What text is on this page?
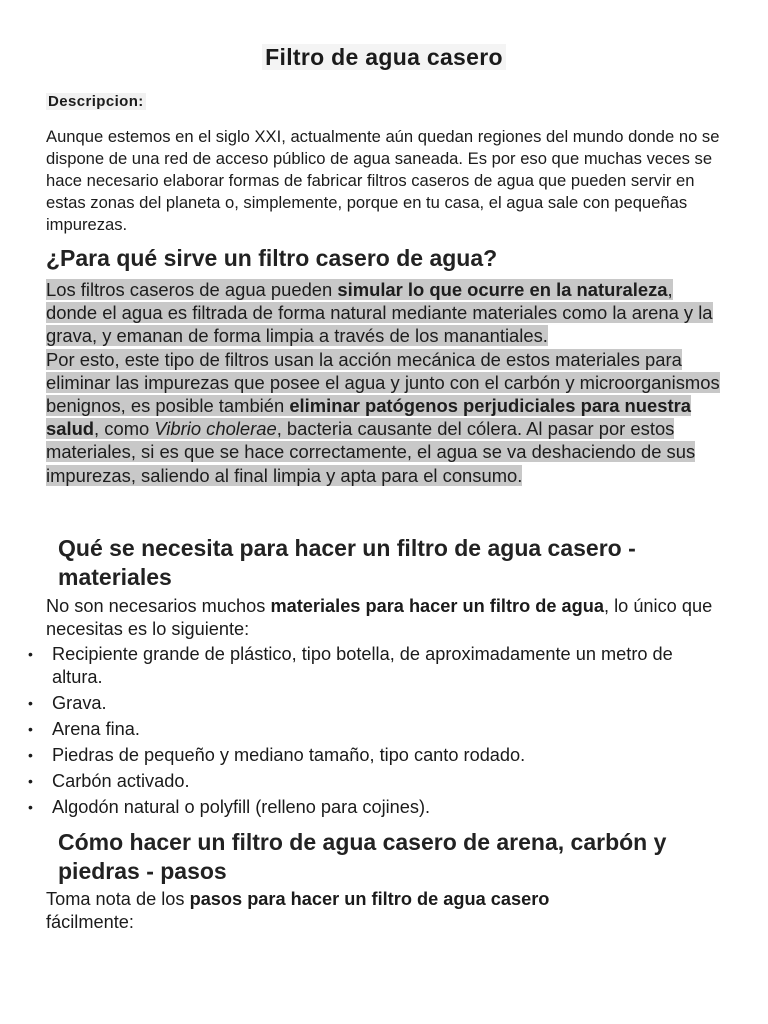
Filtro de agua casero
Descripcion:

Aunque estemos en el siglo XXI, actualmente aún quedan regiones del mundo donde no se dispone de una red de acceso público de agua saneada. Es por eso que muchas veces se hace necesario elaborar formas de fabricar filtros caseros de agua que pueden servir en estas zonas del planeta o, simplemente, porque en tu casa, el agua sale con pequeñas impurezas.

¿Para qué sirve un filtro casero de agua?

Los filtros caseros de agua pueden simular lo que ocurre en la naturaleza, donde el agua es filtrada de forma natural mediante materiales como la arena y la grava, y emanan de forma limpia a través de los manantiales.
Por esto, este tipo de filtros usan la acción mecánica de estos materiales para eliminar las impurezas que posee el agua y junto con el carbón y microorganismos benignos, es posible también eliminar patógenos perjudiciales para nuestra salud, como Vibrio cholerae, bacteria causante del cólera. Al pasar por estos materiales, si es que se hace correctamente, el agua se va deshaciendo de sus impurezas, saliendo al final limpia y apta para el consumo.

Qué se necesita para hacer un filtro de agua casero - materiales

No son necesarios muchos materiales para hacer un filtro de agua, lo único que necesitas es lo siguiente:

• Recipiente grande de plástico, tipo botella, de aproximadamente un metro de altura.
• Grava.
• Arena fina.
• Piedras de pequeño y mediano tamaño, tipo canto rodado.
• Carbón activado.
• Algodón natural o polyfill (relleno para cojines).
Cómo hacer un filtro de agua casero de arena, carbón y piedras - pasos

Toma nota de los pasos para hacer un filtro de agua casero fácilmente:
